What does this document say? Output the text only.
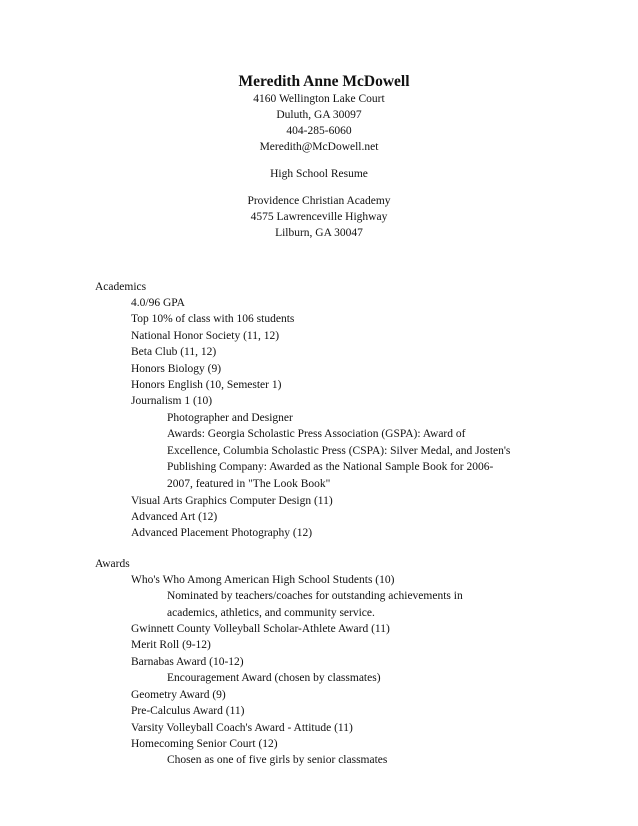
Meredith Anne McDowell
4160 Wellington Lake Court
Duluth, GA 30097
404-285-6060
Meredith@McDowell.net
High School Resume
Providence Christian Academy
4575 Lawrenceville Highway
Lilburn, GA 30047
Academics
4.0/96 GPA
Top 10% of class with 106 students
National Honor Society (11, 12)
Beta Club (11, 12)
Honors Biology (9)
Honors English (10, Semester 1)
Journalism 1 (10)
Photographer and Designer
Awards: Georgia Scholastic Press Association (GSPA): Award of
Excellence, Columbia Scholastic Press (CSPA): Silver Medal, and Josten's
Publishing Company: Awarded as the National Sample Book for 2006-
2007, featured in "The Look Book"
Visual Arts Graphics Computer Design (11)
Advanced Art (12)
Advanced Placement Photography (12)
Awards
Who's Who Among American High School Students (10)
Nominated by teachers/coaches for outstanding achievements in
academics, athletics, and community service.
Gwinnett County Volleyball Scholar-Athlete Award (11)
Merit Roll (9-12)
Barnabas Award (10-12)
Encouragement Award (chosen by classmates)
Geometry Award (9)
Pre-Calculus Award (11)
Varsity Volleyball Coach's Award - Attitude (11)
Homecoming Senior Court (12)
Chosen as one of five girls by senior classmates
